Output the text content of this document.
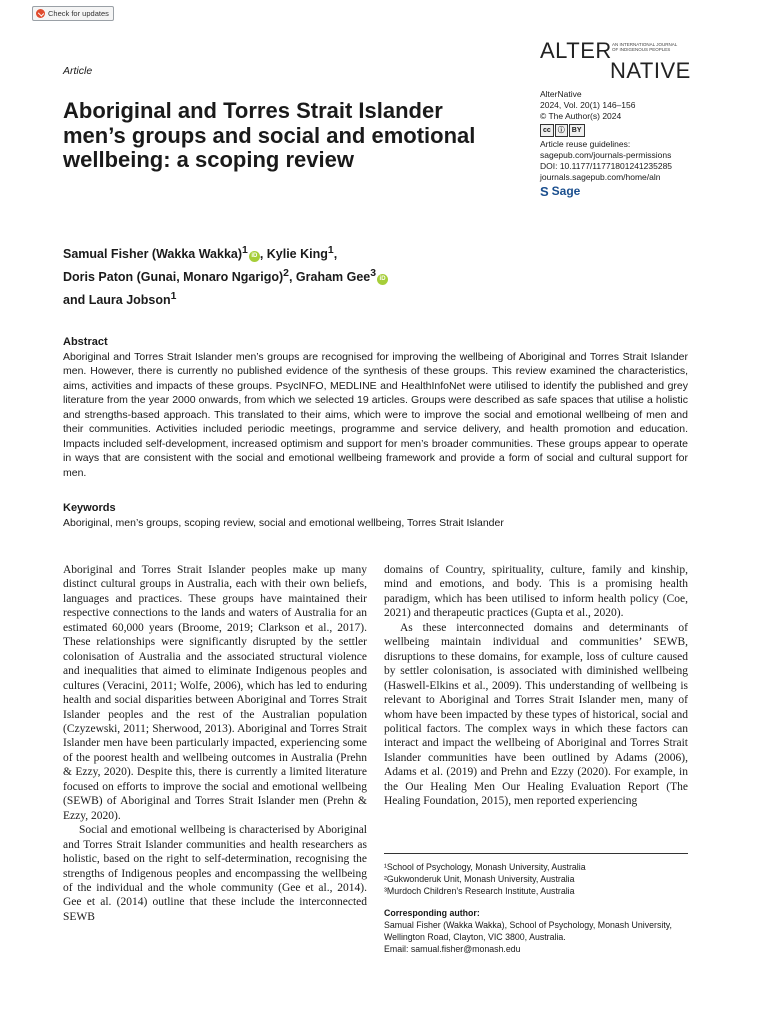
Check for updates
Article
ALTER AN INTERNATIONAL JOURNAL OF INDIGENOUS PEOPLES
NATIVE
AlterNative
2024, Vol. 20(1) 146–156
© The Author(s) 2024
cc	ⓘ	BY
Article reuse guidelines:
sagepub.com/journals-permissions
DOI: 10.1177/11771801241235285
journals.sagepub.com/home/aln
S Sage
Aboriginal and Torres Strait Islander men’s groups and social and emotional wellbeing: a scoping review
Samual Fisher (Wakka Wakka)$^1$iD , Kylie King$^1$,
Doris Paton (Gunai, Monaro Ngarigo)$^2$, Graham Gee$^3$iD
and Laura Jobson$^1$
Abstract

Aboriginal and Torres Strait Islander men’s groups are recognised for improving the wellbeing of Aboriginal and Torres Strait Islander men. However, there is currently no published evidence of the synthesis of these groups. This review examined the characteristics, aims, activities and impacts of these groups. PsycINFO, MEDLINE and HealthInfoNet were utilised to identify the published and grey literature from the year 2000 onwards, from which we selected 19 articles. Groups were described as safe spaces that utilise a holistic and strengths-based approach. This translated to their aims, which were to improve the social and emotional wellbeing of men and their communities. Activities included periodic meetings, programme and service delivery, and health promotion and education. Impacts included self-development, increased optimism and support for men’s broader communities. These groups appear to operate in ways that are consistent with the social and emotional wellbeing framework and provide a form of social and cultural support for men.

Keywords

Aboriginal, men’s groups, scoping review, social and emotional wellbeing, Torres Strait Islander

Aboriginal and Torres Strait Islander peoples make up many distinct cultural groups in Australia, each with their own beliefs, languages and practices. These groups have maintained their respective connections to the lands and waters of Australia for an estimated 60,000 years (Broome, 2019; Clarkson et al., 2017). These relationships were significantly disrupted by the settler colonisation of Australia and the associated structural violence and inequalities that aimed to eliminate Indigenous peoples and cultures (Veracini, 2011; Wolfe, 2006), which has led to enduring health and social disparities between Aboriginal and Torres Strait Islander peoples and the rest of the Australian population (Czyzewski, 2011; Sherwood, 2013). Aboriginal and Torres Strait Islander men have been particularly impacted, experiencing some of the poorest health and wellbeing outcomes in Australia (Prehn & Ezzy, 2020). Despite this, there is currently a limited literature focused on efforts to improve the social and emotional wellbeing (SEWB) of Aboriginal and Torres Strait Islander men (Prehn & Ezzy, 2020).

Social and emotional wellbeing is characterised by Aboriginal and Torres Strait Islander communities and health researchers as holistic, based on the right to self-determination, recognising the strengths of Indigenous peoples and encompassing the wellbeing of the individual and the whole community (Gee et al., 2014). Gee et al. (2014) outline that these include the interconnected SEWB

domains of Country, spirituality, culture, family and kinship, mind and emotions, and body. This is a promising health paradigm, which has been utilised to inform health policy (Coe, 2021) and therapeutic practices (Gupta et al., 2020).

As these interconnected domains and determinants of wellbeing maintain individual and communities’ SEWB, disruptions to these domains, for example, loss of culture caused by settler colonisation, is associated with diminished wellbeing (Haswell-Elkins et al., 2009). This understanding of wellbeing is relevant to Aboriginal and Torres Strait Islander men, many of whom have been impacted by these types of historical, social and political factors. The complex ways in which these factors can interact and impact the wellbeing of Aboriginal and Torres Strait Islander communities have been outlined by Adams (2006), Adams et al. (2019) and Prehn and Ezzy (2020). For example, in the Our Healing Men Our Healing Evaluation Report (The Healing Foundation, 2015), men reported experiencing

¹School of Psychology, Monash University, Australia
²Gukwonderuk Unit, Monash University, Australia
³Murdoch Children’s Research Institute, Australia
Corresponding author:
Samual Fisher (Wakka Wakka), School of Psychology, Monash University, Wellington Road, Clayton, VIC 3800, Australia.
Email: samual.fisher@monash.edu
